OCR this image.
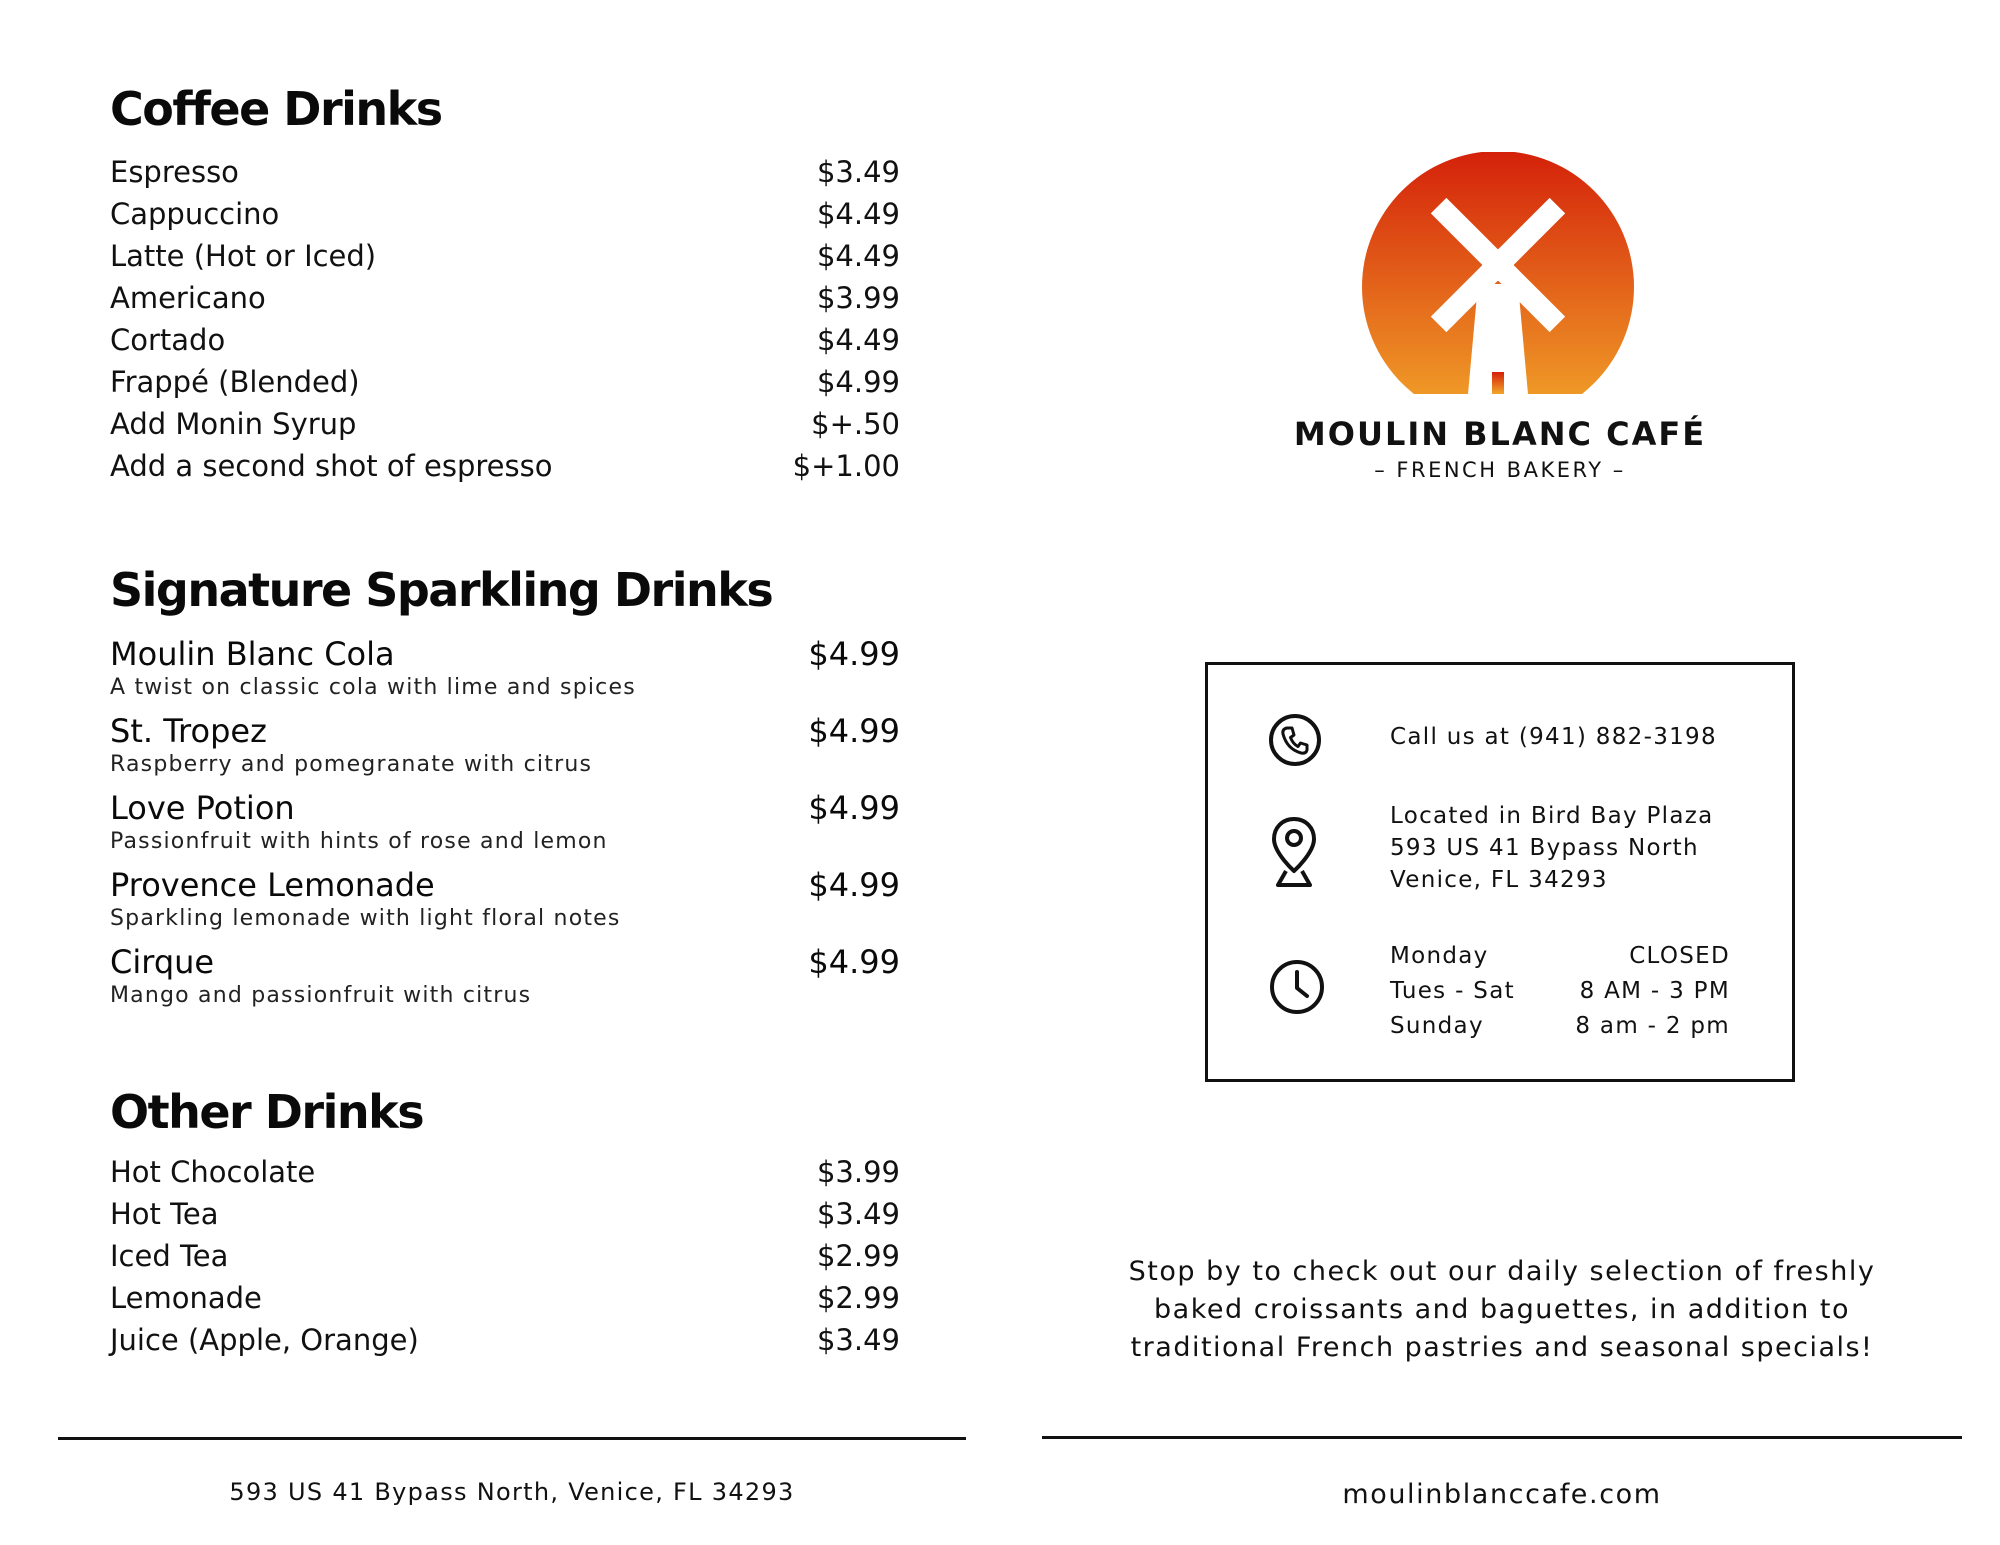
Coffee Drinks
Espresso	$3.49
Cappuccino	$4.49
Latte (Hot or Iced)	$4.49
Americano	$3.99
Cortado	$4.49
Frappé (Blended)	$4.99
Add Monin Syrup	$+.50
Add a second shot of espresso	$+1.00
Signature Sparkling Drinks
Moulin Blanc Cola	$4.99
A twist on classic cola with lime and spices
St. Tropez	$4.99
Raspberry and pomegranate with citrus
Love Potion	$4.99
Passionfruit with hints of rose and lemon
Provence Lemonade	$4.99
Sparkling lemonade with light floral notes
Cirque	$4.99
Mango and passionfruit with citrus
Other Drinks
Hot Chocolate	$3.99
Hot Tea	$3.49
Iced Tea	$2.99
Lemonade	$2.99
Juice (Apple, Orange)	$3.49
593 US 41 Bypass North, Venice, FL 34293
MOULIN BLANC CAFÉ
– FRENCH BAKERY –
Call us at (941) 882-3198
Located in Bird Bay Plaza
593 US 41 Bypass North
Venice, FL 34293
Monday	CLOSED
Tues - Sat	8 AM - 3 PM
Sunday	8 am - 2 pm
Stop by to check out our daily selection of freshly
baked croissants and baguettes, in addition to
traditional French pastries and seasonal specials!
moulinblanccafe.com
